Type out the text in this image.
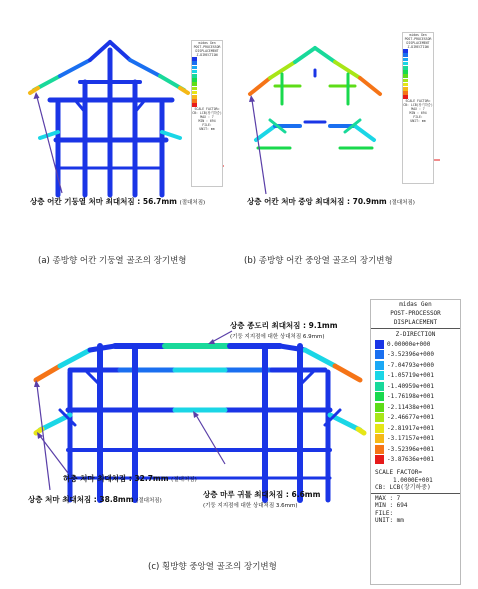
midas Gen
POST-PROCESSOR
DISPLACEMENT
Z-DIRECTION
SCALE FACTOR=
CB: LCB(장기하중)
MAX : 7
MIN : 694
FILE:
UNIT: mm
midas Gen
POST-PROCESSOR
DISPLACEMENT
Z-DIRECTION
SCALE FACTOR=
CB: LCB(장기하중)
MAX : 7
MIN : 694
FILE:
UNIT: mm
상층 어칸 기둥열 처마 최대처짐 : 56.7mm (절대처짐)	상층 어칸 처마 중앙 최대처짐 : 70.9mm (절대처짐)
(a) 종방향 어칸 기둥열 골조의 장기변형	(b) 종방향 어칸 중앙열 골조의 장기변형
상층 종도리 최대처짐 : 9.1mm
(기둥 지지점에 대한 상대처짐 6.9mm)
하층 처마 최대처짐 : 32.7mm (절대처짐)
상층 마루 귀틀 최대처짐 : 6.6mm
(기둥 지지점에 대한 상대처짐 3.6mm)
상층 처마 최대처짐 : 38.8mm (절대처짐)
(c) 횡방향 중앙열 골조의 장기변형
midas Gen
POST-PROCESSOR
DISPLACEMENT
Z-DIRECTION
0.00000e+000
-3.52396e+000
-7.04793e+000
-1.05719e+001
-1.40959e+001
-1.76198e+001
-2.11438e+001
-2.46677e+001
-2.81917e+001
-3.17157e+001
-3.52396e+001
-3.87636e+001
SCALE FACTOR=
1.0000E+001
CB: LCB(장기하중)
MAX : 7
MIN : 694
FILE:
UNIT: mm
